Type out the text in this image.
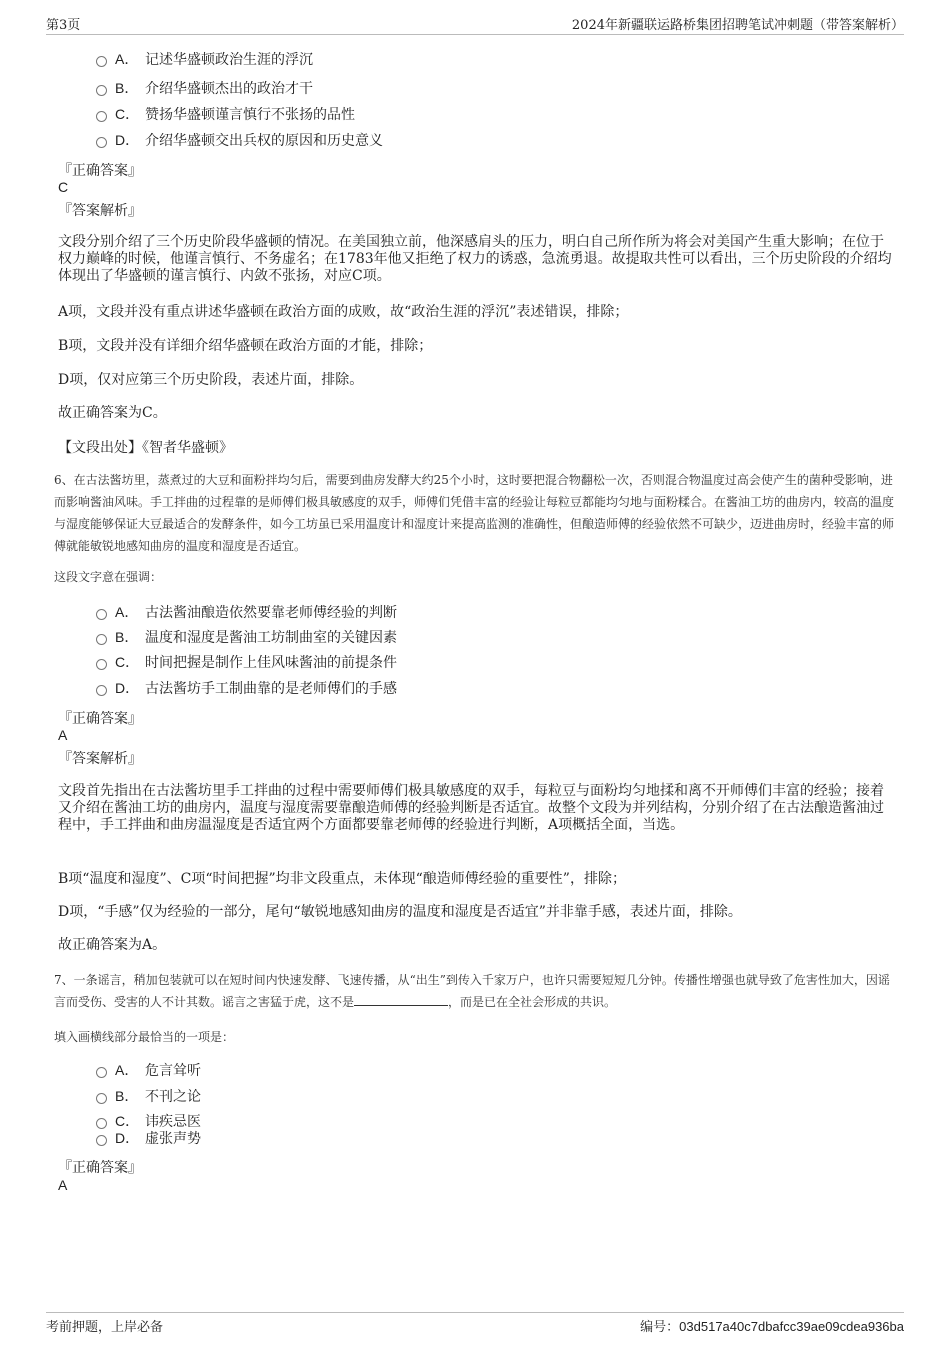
第3页	2024年新疆联运路桥集团招聘笔试冲刺题（带答案解析）
A． 记述华盛顿政治生涯的浮沉
B． 介绍华盛顿杰出的政治才干
C． 赞扬华盛顿谨言慎行不张扬的品性
D． 介绍华盛顿交出兵权的原因和历史意义
『正确答案』
C
『答案解析』
文段分别介绍了三个历史阶段华盛顿的情况。在美国独立前，他深感肩头的压力，明白自己所作所为将会对美国产生重大影响；在位于权力巅峰的时候，他谨言慎行、不务虚名；在1783年他又拒绝了权力的诱惑，急流勇退。故提取共性可以看出，三个历史阶段的介绍均体现出了华盛顿的谨言慎行、内敛不张扬，对应C项。
A项，文段并没有重点讲述华盛顿在政治方面的成败，故“政治生涯的浮沉”表述错误，排除；
B项，文段并没有详细介绍华盛顿在政治方面的才能，排除；
D项，仅对应第三个历史阶段，表述片面，排除。
故正确答案为C。
【文段出处】《智者华盛顿》
6、在古法酱坊里，蒸煮过的大豆和面粉拌均匀后，需要到曲房发酵大约25个小时，这时要把混合物翻松一次，否则混合物温度过高会使产生的菌种受影响，进而影响酱油风味。手工拌曲的过程靠的是师傅们极具敏感度的双手，师傅们凭借丰富的经验让每粒豆都能均匀地与面粉糅合。在酱油工坊的曲房内，较高的温度与湿度能够保证大豆最适合的发酵条件，如今工坊虽已采用温度计和湿度计来提高监测的准确性，但酿造师傅的经验依然不可缺少，迈进曲房时，经验丰富的师傅就能敏锐地感知曲房的温度和湿度是否适宜。
这段文字意在强调：
A． 古法酱油酿造依然要靠老师傅经验的判断
B． 温度和湿度是酱油工坊制曲室的关键因素
C． 时间把握是制作上佳风味酱油的前提条件
D． 古法酱坊手工制曲靠的是老师傅们的手感
『正确答案』
A
『答案解析』
文段首先指出在古法酱坊里手工拌曲的过程中需要师傅们极具敏感度的双手，每粒豆与面粉均匀地揉和离不开师傅们丰富的经验；接着又介绍在酱油工坊的曲房内，温度与湿度需要靠酿造师傅的经验判断是否适宜。故整个文段为并列结构，分别介绍了在古法酿造酱油过程中，手工拌曲和曲房温湿度是否适宜两个方面都要靠老师傅的经验进行判断，A项概括全面，当选。
B项“温度和湿度”、C项“时间把握”均非文段重点，未体现“酿造师傅经验的重要性”，排除；
D项，“手感”仅为经验的一部分，尾句“敏锐地感知曲房的温度和湿度是否适宜”并非靠手感，表述片面，排除。
故正确答案为A。
7、一条谣言，稍加包装就可以在短时间内快速发酵、飞速传播，从“出生”到传入千家万户，也许只需要短短几分钟。传播性增强也就导致了危害性加大，因谣言而受伤、受害的人不计其数。谣言之害猛于虎，这不是	，而是已在全社会形成的共识。
填入画横线部分最恰当的一项是：
A． 危言耸听
B． 不刊之论
C． 讳疾忌医
D． 虚张声势
『正确答案』
A
考前押题，上岸必备	编号：03d517a40c7dbafcc39ae09cdea936ba
